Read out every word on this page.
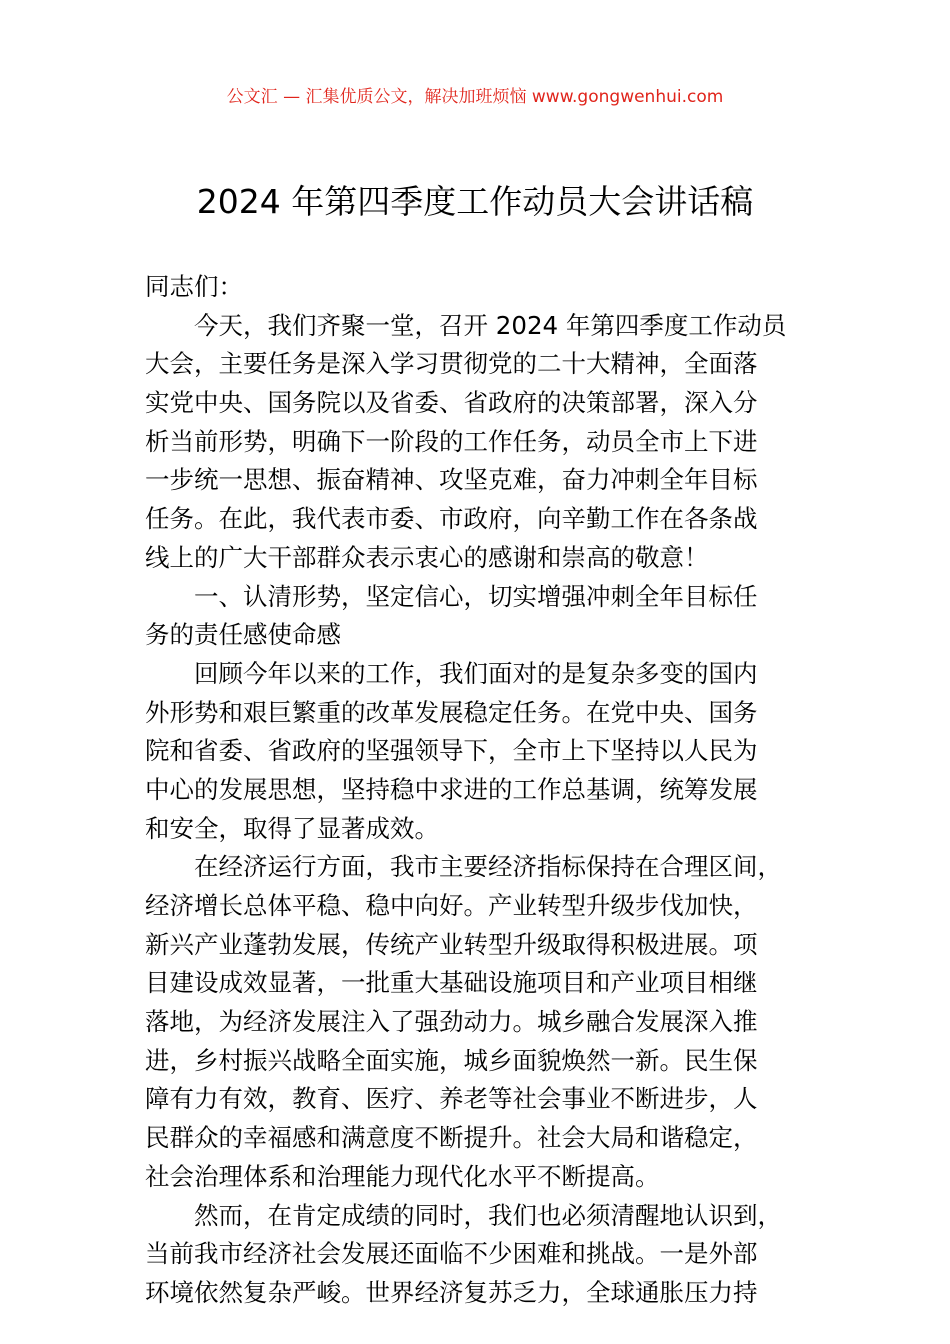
公文汇 — 汇集优质公文，解决加班烦恼 www.gongwenhui.com
2024 年第四季度工作动员大会讲话稿
同志们：
今天，我们齐聚一堂，召开 2024 年第四季度工作动员
大会，主要任务是深入学习贯彻党的二十大精神，全面落
实党中央、国务院以及省委、省政府的决策部署，深入分
析当前形势，明确下一阶段的工作任务，动员全市上下进
一步统一思想、振奋精神、攻坚克难，奋力冲刺全年目标
任务。在此，我代表市委、市政府，向辛勤工作在各条战
线上的广大干部群众表示衷心的感谢和崇高的敬意！
一、认清形势，坚定信心，切实增强冲刺全年目标任
务的责任感使命感
回顾今年以来的工作，我们面对的是复杂多变的国内
外形势和艰巨繁重的改革发展稳定任务。在党中央、国务
院和省委、省政府的坚强领导下，全市上下坚持以人民为
中心的发展思想，坚持稳中求进的工作总基调，统筹发展
和安全，取得了显著成效。
在经济运行方面，我市主要经济指标保持在合理区间，
经济增长总体平稳、稳中向好。产业转型升级步伐加快，
新兴产业蓬勃发展，传统产业转型升级取得积极进展。项
目建设成效显著，一批重大基础设施项目和产业项目相继
落地，为经济发展注入了强劲动力。城乡融合发展深入推
进，乡村振兴战略全面实施，城乡面貌焕然一新。民生保
障有力有效，教育、医疗、养老等社会事业不断进步，人
民群众的幸福感和满意度不断提升。社会大局和谐稳定，
社会治理体系和治理能力现代化水平不断提高。
然而，在肯定成绩的同时，我们也必须清醒地认识到，
当前我市经济社会发展还面临不少困难和挑战。一是外部
环境依然复杂严峻。世界经济复苏乏力，全球通胀压力持
